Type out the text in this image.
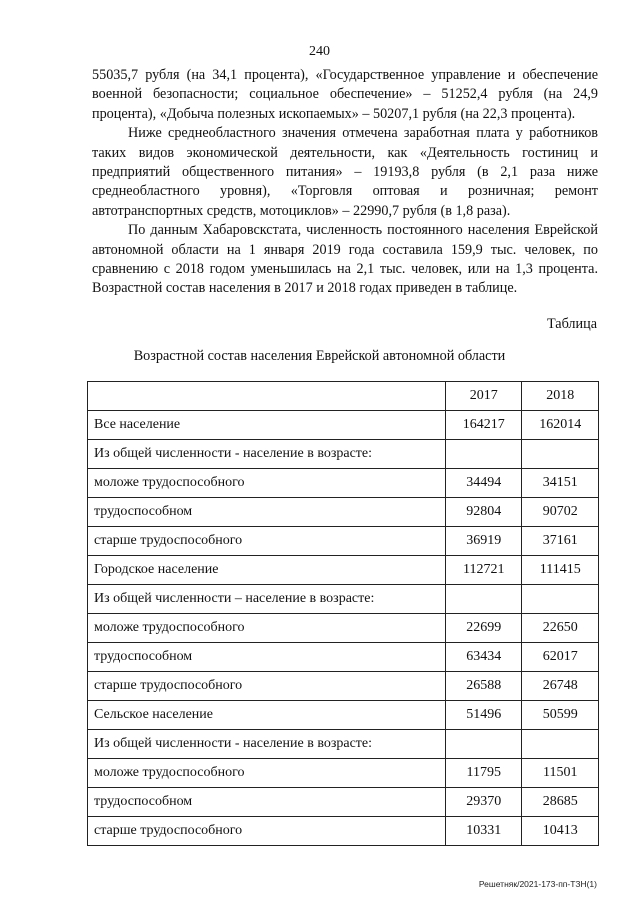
240

55035,7 рубля (на 34,1 процента), «Государственное управление и обеспечение военной безопасности; социальное обеспечение» – 51252,4 рубля (на 24,9 процента), «Добыча полезных ископаемых» – 50207,1 рубля (на 22,3 процента).

Ниже среднеобластного значения отмечена заработная плата у работников таких видов экономической деятельности, как «Деятельность гостиниц и предприятий общественного питания» – 19193,8 рубля (в 2,1 раза ниже среднеобластного уровня), «Торговля оптовая и розничная; ремонт автотранспортных средств, мотоциклов» – 22990,7 рубля (в 1,8 раза).

По данным Хабаровскстата, численность постоянного населения Еврейской автономной области на 1 января 2019 года составила 159,9 тыс. человек, по сравнению с 2018 годом уменьшилась на 2,1 тыс. человек, или на 1,3 процента. Возрастной состав населения в 2017 и 2018 годах приведен в таблице.

Таблица
Возрастной состав населения Еврейской автономной области
	2017	2018
Все население	164217	162014
Из общей численности - население в возрасте:		
моложе трудоспособного	34494	34151
трудоспособном	92804	90702
старше трудоспособного	36919	37161
Городское население	112721	111415
Из общей численности – население в возрасте:		
моложе трудоспособного	22699	22650
трудоспособном	63434	62017
старше трудоспособного	26588	26748
Сельское население	51496	50599
Из общей численности - население в возрасте:		
моложе трудоспособного	11795	11501
трудоспособном	29370	28685
старше трудоспособного	10331	10413
Решетняк/2021-173-пп-ТЗН(1)
